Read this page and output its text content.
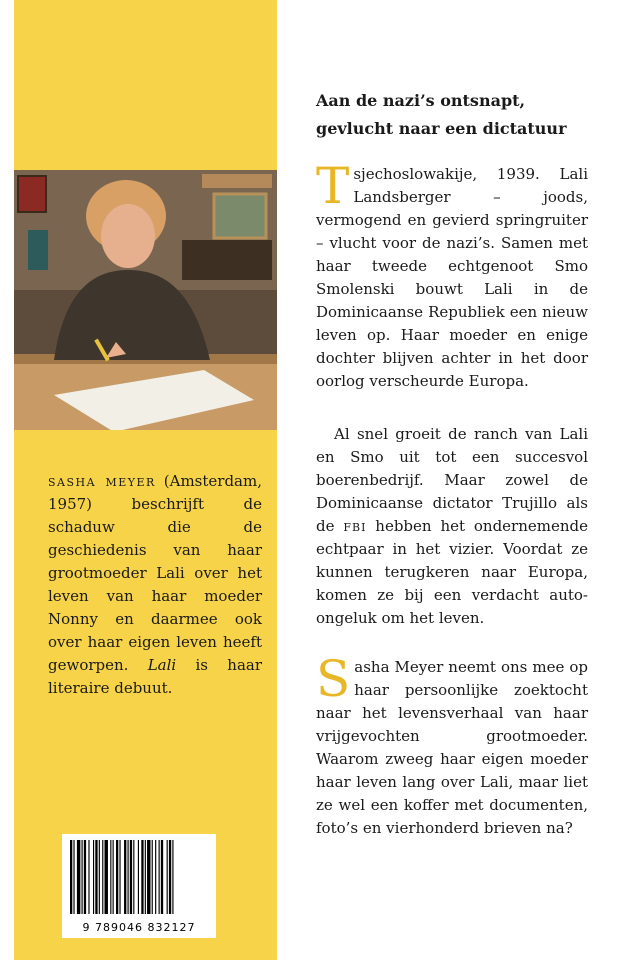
sasha meyer (Amsterdam, 1957) beschrijft de schaduw die de geschiedenis van haar grootmoeder Lali over het leven van haar moeder Nonny en daarmee ook over haar eigen leven heeft geworpen. Lali is haar literaire debuut.
9 789046 832127
Aan de nazi’s ontsnapt,
gevlucht naar een dictatuur

Tsjechoslowakije, 1939. Lali Landsberger – joods, vermogend en gevierd springruiter – vlucht voor de nazi’s. Samen met haar tweede echtgenoot Smo Smolenski bouwt Lali in de Dominicaanse Republiek een nieuw leven op. Haar moeder en enige dochter blijven achter in het door oorlog verscheurde Europa.

Al snel groeit de ranch van Lali en Smo uit tot een succesvol boerenbedrijf. Maar zowel de Dominicaanse dictator Trujillo als de fbi hebben het ondernemende echtpaar in het vizier. Voordat ze kunnen terugkeren naar Europa, komen ze bij een verdacht auto-ongeluk om het leven.

Sasha Meyer neemt ons mee op haar persoonlijke zoektocht naar het levensverhaal van haar vrijgevochten grootmoeder. Waarom zweeg haar eigen moeder haar leven lang over Lali, maar liet ze wel een koffer met documenten, foto’s en vierhonderd brieven na?
